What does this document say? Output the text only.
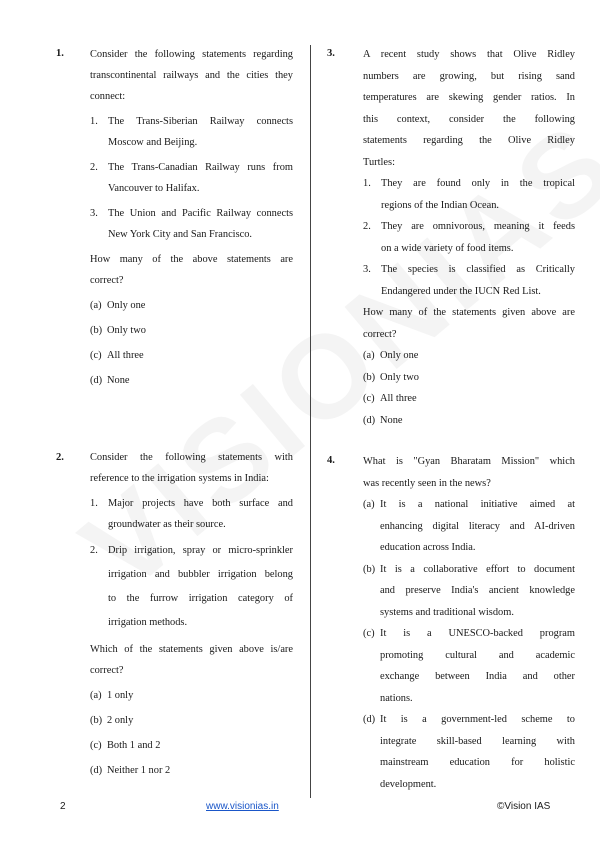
1.	Consider the following statements regarding
transcontinental railways and the cities they
connect:
1. The Trans-Siberian Railway connects
Moscow and Beijing.
2. The Trans-Canadian Railway runs from
Vancouver to Halifax.
3. The Union and Pacific Railway connects
New York City and San Francisco.
How many of the above statements are
correct?
(a) Only one
(b) Only two
(c) All three
(d) None
2.	Consider the following statements with
reference to the irrigation systems in India:
1. Major projects have both surface and
groundwater as their source.
2. Drip irrigation, spray or micro-sprinkler
irrigation and bubbler irrigation belong
to the furrow irrigation category of
irrigation methods.
Which of the statements given above is/are
correct?
(a) 1 only
(b) 2 only
(c) Both 1 and 2
(d) Neither 1 nor 2
3.	A recent study shows that Olive Ridley
numbers are growing, but rising sand
temperatures are skewing gender ratios. In
this context, consider the following
statements regarding the Olive Ridley
Turtles:
1. They are found only in the tropical
regions of the Indian Ocean.
2. They are omnivorous, meaning it feeds
on a wide variety of food items.
3. The species is classified as Critically
Endangered under the IUCN Red List.
How many of the statements given above are
correct?
(a) Only one
(b) Only two
(c) All three
(d) None
4.	What is "Gyan Bharatam Mission" which
was recently seen in the news?
(a) It is a national initiative aimed at
enhancing digital literacy and AI-driven
education across India.
(b) It is a collaborative effort to document
and preserve India's ancient knowledge
systems and traditional wisdom.
(c) It is a UNESCO-backed program
promoting cultural and academic
exchange between India and other
nations.
(d) It is a government-led scheme to
integrate skill-based learning with
mainstream education for holistic
development.
2	www.visionias.in	©Vision IAS
